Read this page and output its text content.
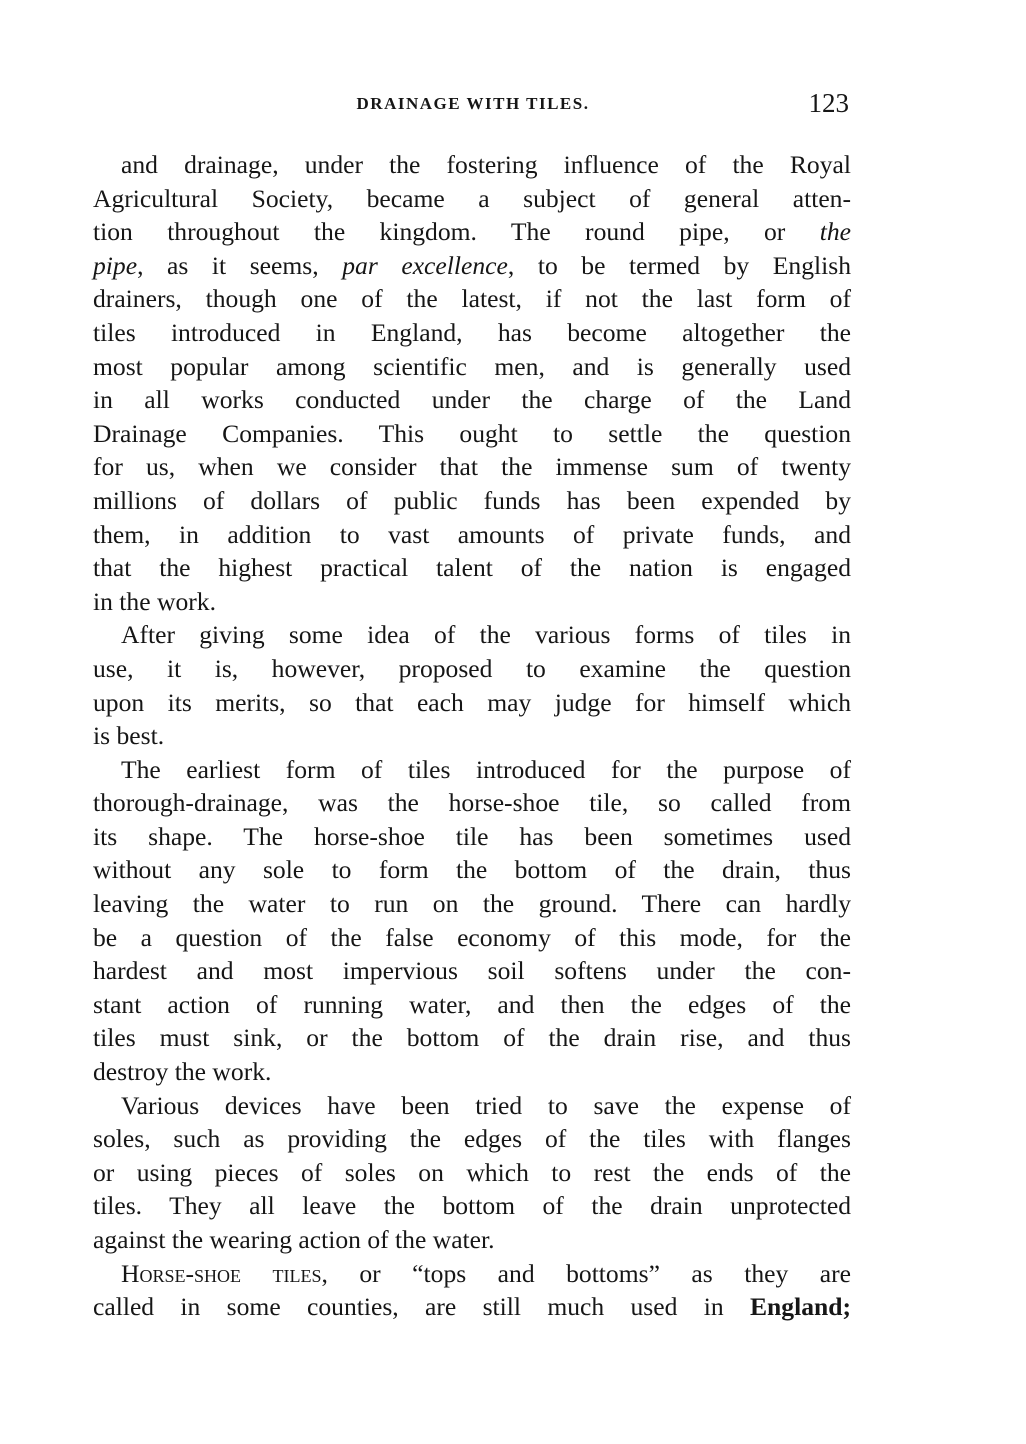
DRAINAGE WITH TILES.	123
and drainage, under the fostering influence of the Royal
Agricultural Society, became a subject of general atten-
tion throughout the kingdom. The round pipe, or the
pipe, as it seems, par excellence, to be termed by English
drainers, though one of the latest, if not the last form of
tiles introduced in England, has become altogether the
most popular among scientific men, and is generally used
in all works conducted under the charge of the Land
Drainage Companies. This ought to settle the question
for us, when we consider that the immense sum of twenty
millions of dollars of public funds has been expended by
them, in addition to vast amounts of private funds, and
that the highest practical talent of the nation is engaged
in the work.
After giving some idea of the various forms of tiles in
use, it is, however, proposed to examine the question
upon its merits, so that each may judge for himself which
is best.
The earliest form of tiles introduced for the purpose of
thorough-drainage, was the horse-shoe tile, so called from
its shape. The horse-shoe tile has been sometimes used
without any sole to form the bottom of the drain, thus
leaving the water to run on the ground. There can hardly
be a question of the false economy of this mode, for the
hardest and most impervious soil softens under the con-
stant action of running water, and then the edges of the
tiles must sink, or the bottom of the drain rise, and thus
destroy the work.
Various devices have been tried to save the expense of
soles, such as providing the edges of the tiles with flanges
or using pieces of soles on which to rest the ends of the
tiles. They all leave the bottom of the drain unprotected
against the wearing action of the water.
Horse-shoe tiles, or “tops and bottoms” as they are
called in some counties, are still much used in England;
